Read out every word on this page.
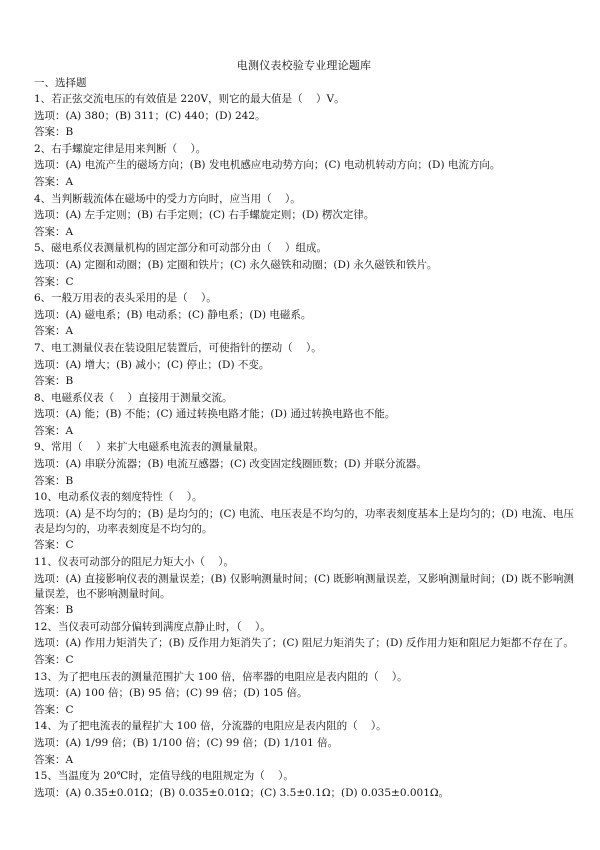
电测仪表校验专业理论题库
一、选择题
1、若正弦交流电压的有效值是 220V，则它的最大值是（    ）V。
选项：(A) 380；(B) 311；(C) 440；(D) 242。
答案：B
2、右手螺旋定律是用来判断（    ）。
选项：(A) 电流产生的磁场方向；(B) 发电机感应电动势方向；(C) 电动机转动方向；(D) 电流方向。
答案：A
4、当判断载流体在磁场中的受力方向时，应当用（    ）。
选项：(A) 左手定则；(B) 右手定则；(C) 右手螺旋定则；(D) 楞次定律。
答案：A
5、磁电系仪表测量机构的固定部分和可动部分由（    ）组成。
选项：(A) 定圈和动圈；(B) 定圈和铁片；(C) 永久磁铁和动圈；(D) 永久磁铁和铁片。
答案：C
6、一般万用表的表头采用的是（    ）。
选项：(A) 磁电系；(B) 电动系；(C) 静电系；(D) 电磁系。
答案：A
7、电工测量仪表在装设阻尼装置后，可使指针的摆动（    ）。
选项：(A) 增大；(B) 减小；(C) 停止；(D) 不变。
答案：B
8、电磁系仪表（    ）直接用于测量交流。
选项：(A) 能；(B) 不能；(C) 通过转换电路才能；(D) 通过转换电路也不能。
答案：A
9、常用（    ）来扩大电磁系电流表的测量量限。
选项：(A) 串联分流器；(B) 电流互感器；(C) 改变固定线圈匝数；(D) 并联分流器。
答案：B
10、电动系仪表的刻度特性（    ）。
选项：(A) 是不均匀的；(B) 是均匀的；(C) 电流、电压表是不均匀的，功率表刻度基本上是均匀的；(D) 电流、电压表是均匀的，功率表刻度是不均匀的。
答案：C
11、仪表可动部分的阻尼力矩大小（    ）。
选项：(A) 直接影响仪表的测量误差；(B) 仅影响测量时间；(C) 既影响测量误差，又影响测量时间；(D) 既不影响测量误差，也不影响测量时间。
答案：B
12、当仪表可动部分偏转到满度点静止时，（    ）。
选项：(A) 作用力矩消失了；(B) 反作用力矩消失了；(C) 阻尼力矩消失了；(D) 反作用力矩和阻尼力矩都不存在了。
答案：C
13、为了把电压表的测量范围扩大 100 倍，倍率器的电阻应是表内阻的（    ）。
选项：(A) 100 倍；(B) 95 倍；(C) 99 倍；(D) 105 倍。
答案：C
14、为了把电流表的量程扩大 100 倍，分流器的电阻应是表内阻的（    ）。
选项：(A) 1/99 倍；(B) 1/100 倍；(C) 99 倍；(D) 1/101 倍。
答案：A
15、当温度为 20℃时，定值导线的电阻规定为（    ）。
选项：(A) 0.35±0.01Ω；(B) 0.035±0.01Ω；(C) 3.5±0.1Ω；(D) 0.035±0.001Ω。
